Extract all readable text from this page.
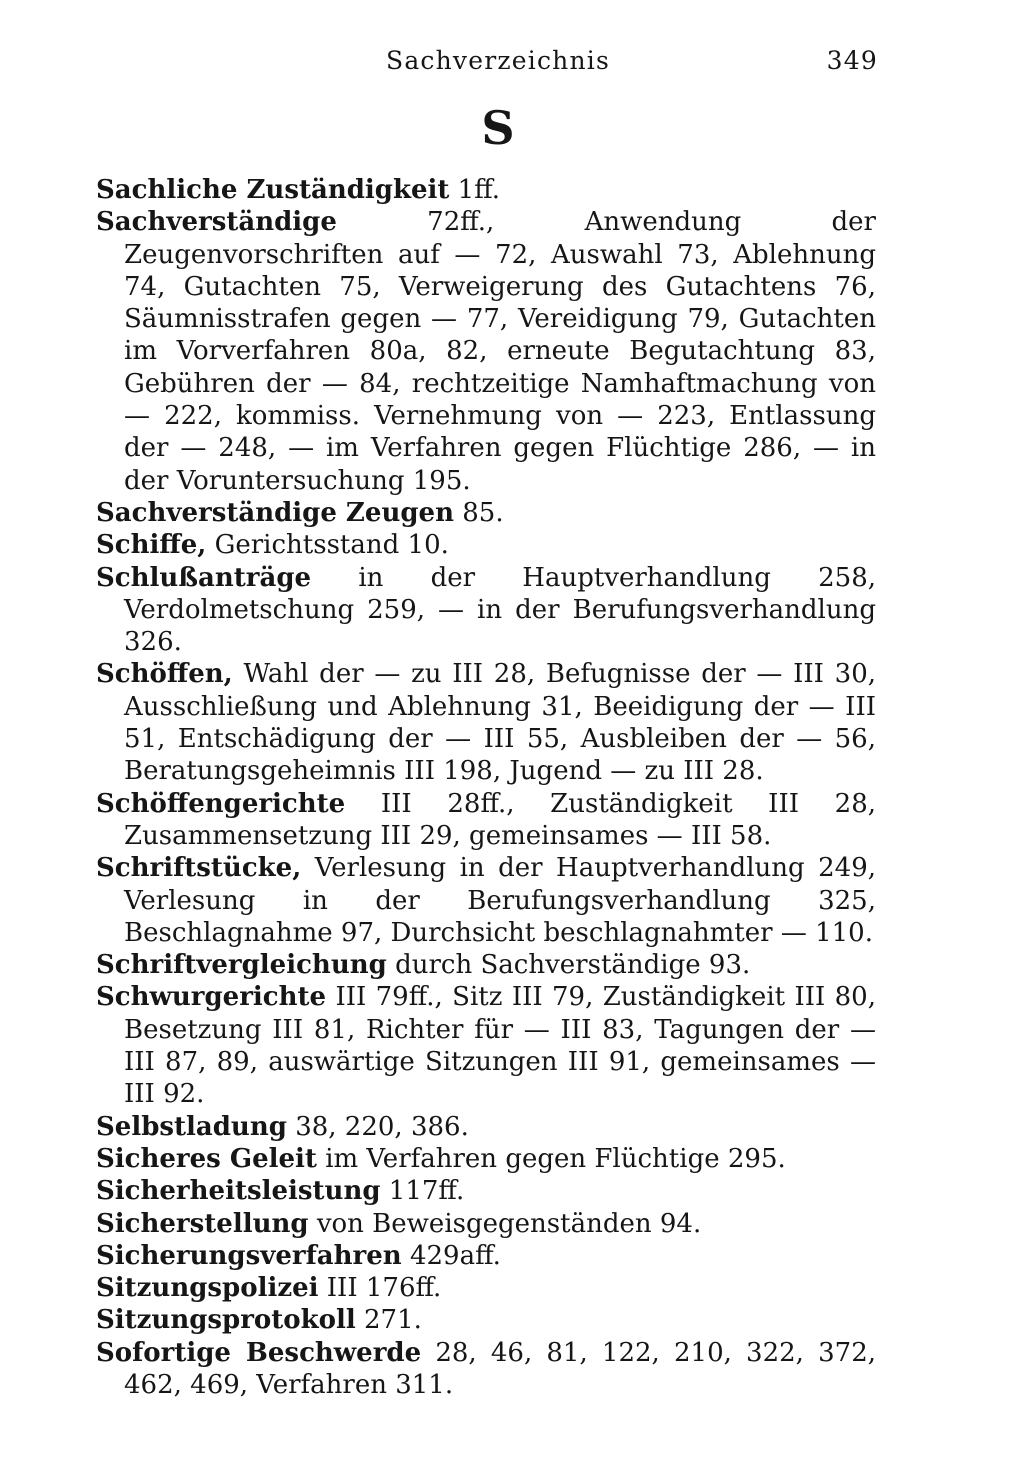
Sachverzeichnis	349
S
Sachliche Zuständigkeit 1ff.
Sachverständige	72ff., Anwendung der Zeugenvorschriften auf — 72, Auswahl 73, Ablehnung 74, Gutachten 75, Verweigerung des Gutachtens 76, Säumnisstrafen gegen — 77, Vereidigung 79, Gutachten im Vorverfahren 80a, 82, erneute Begutachtung 83, Gebühren der — 84, rechtzeitige Namhaftmachung von — 222, kommiss. Vernehmung von — 223, Entlassung der — 248, — im Verfahren gegen Flüchtige 286, — in der Voruntersuchung 195.
Sachverständige Zeugen 85.
Schiffe, Gerichtsstand 10.
Schlußanträge in der Hauptverhandlung 258, Verdolmetschung 259, — in der Berufungsverhandlung 326.
Schöffen, Wahl der — zu III 28, Befugnisse der — III 30, Ausschließung und Ablehnung 31, Beeidigung der — III 51, Entschädigung der — III 55, Ausbleiben der — 56, Beratungsgeheimnis III 198, Jugend — zu III 28.
Schöffengerichte III 28ff., Zuständigkeit III 28, Zusammensetzung III 29, gemeinsames — III 58.
Schriftstücke, Verlesung in der Hauptverhandlung 249, Verlesung in der Berufungsverhandlung 325, Beschlagnahme 97, Durchsicht beschlagnahmter — 110.
Schriftvergleichung durch Sachverständige 93.
Schwurgerichte III 79ff., Sitz III 79, Zuständigkeit III 80, Besetzung III 81, Richter für — III 83, Tagungen der — III 87, 89, auswärtige Sitzungen III 91, gemeinsames — III 92.
Selbstladung 38, 220, 386.
Sicheres Geleit im Verfahren gegen Flüchtige 295.
Sicherheitsleistung 117ff.
Sicherstellung von Beweisgegenständen 94.
Sicherungsverfahren 429aff.
Sitzungspolizei III 176ff.
Sitzungsprotokoll 271.
Sofortige Beschwerde 28, 46, 81, 122, 210, 322, 372, 462, 469, Verfahren 311.
